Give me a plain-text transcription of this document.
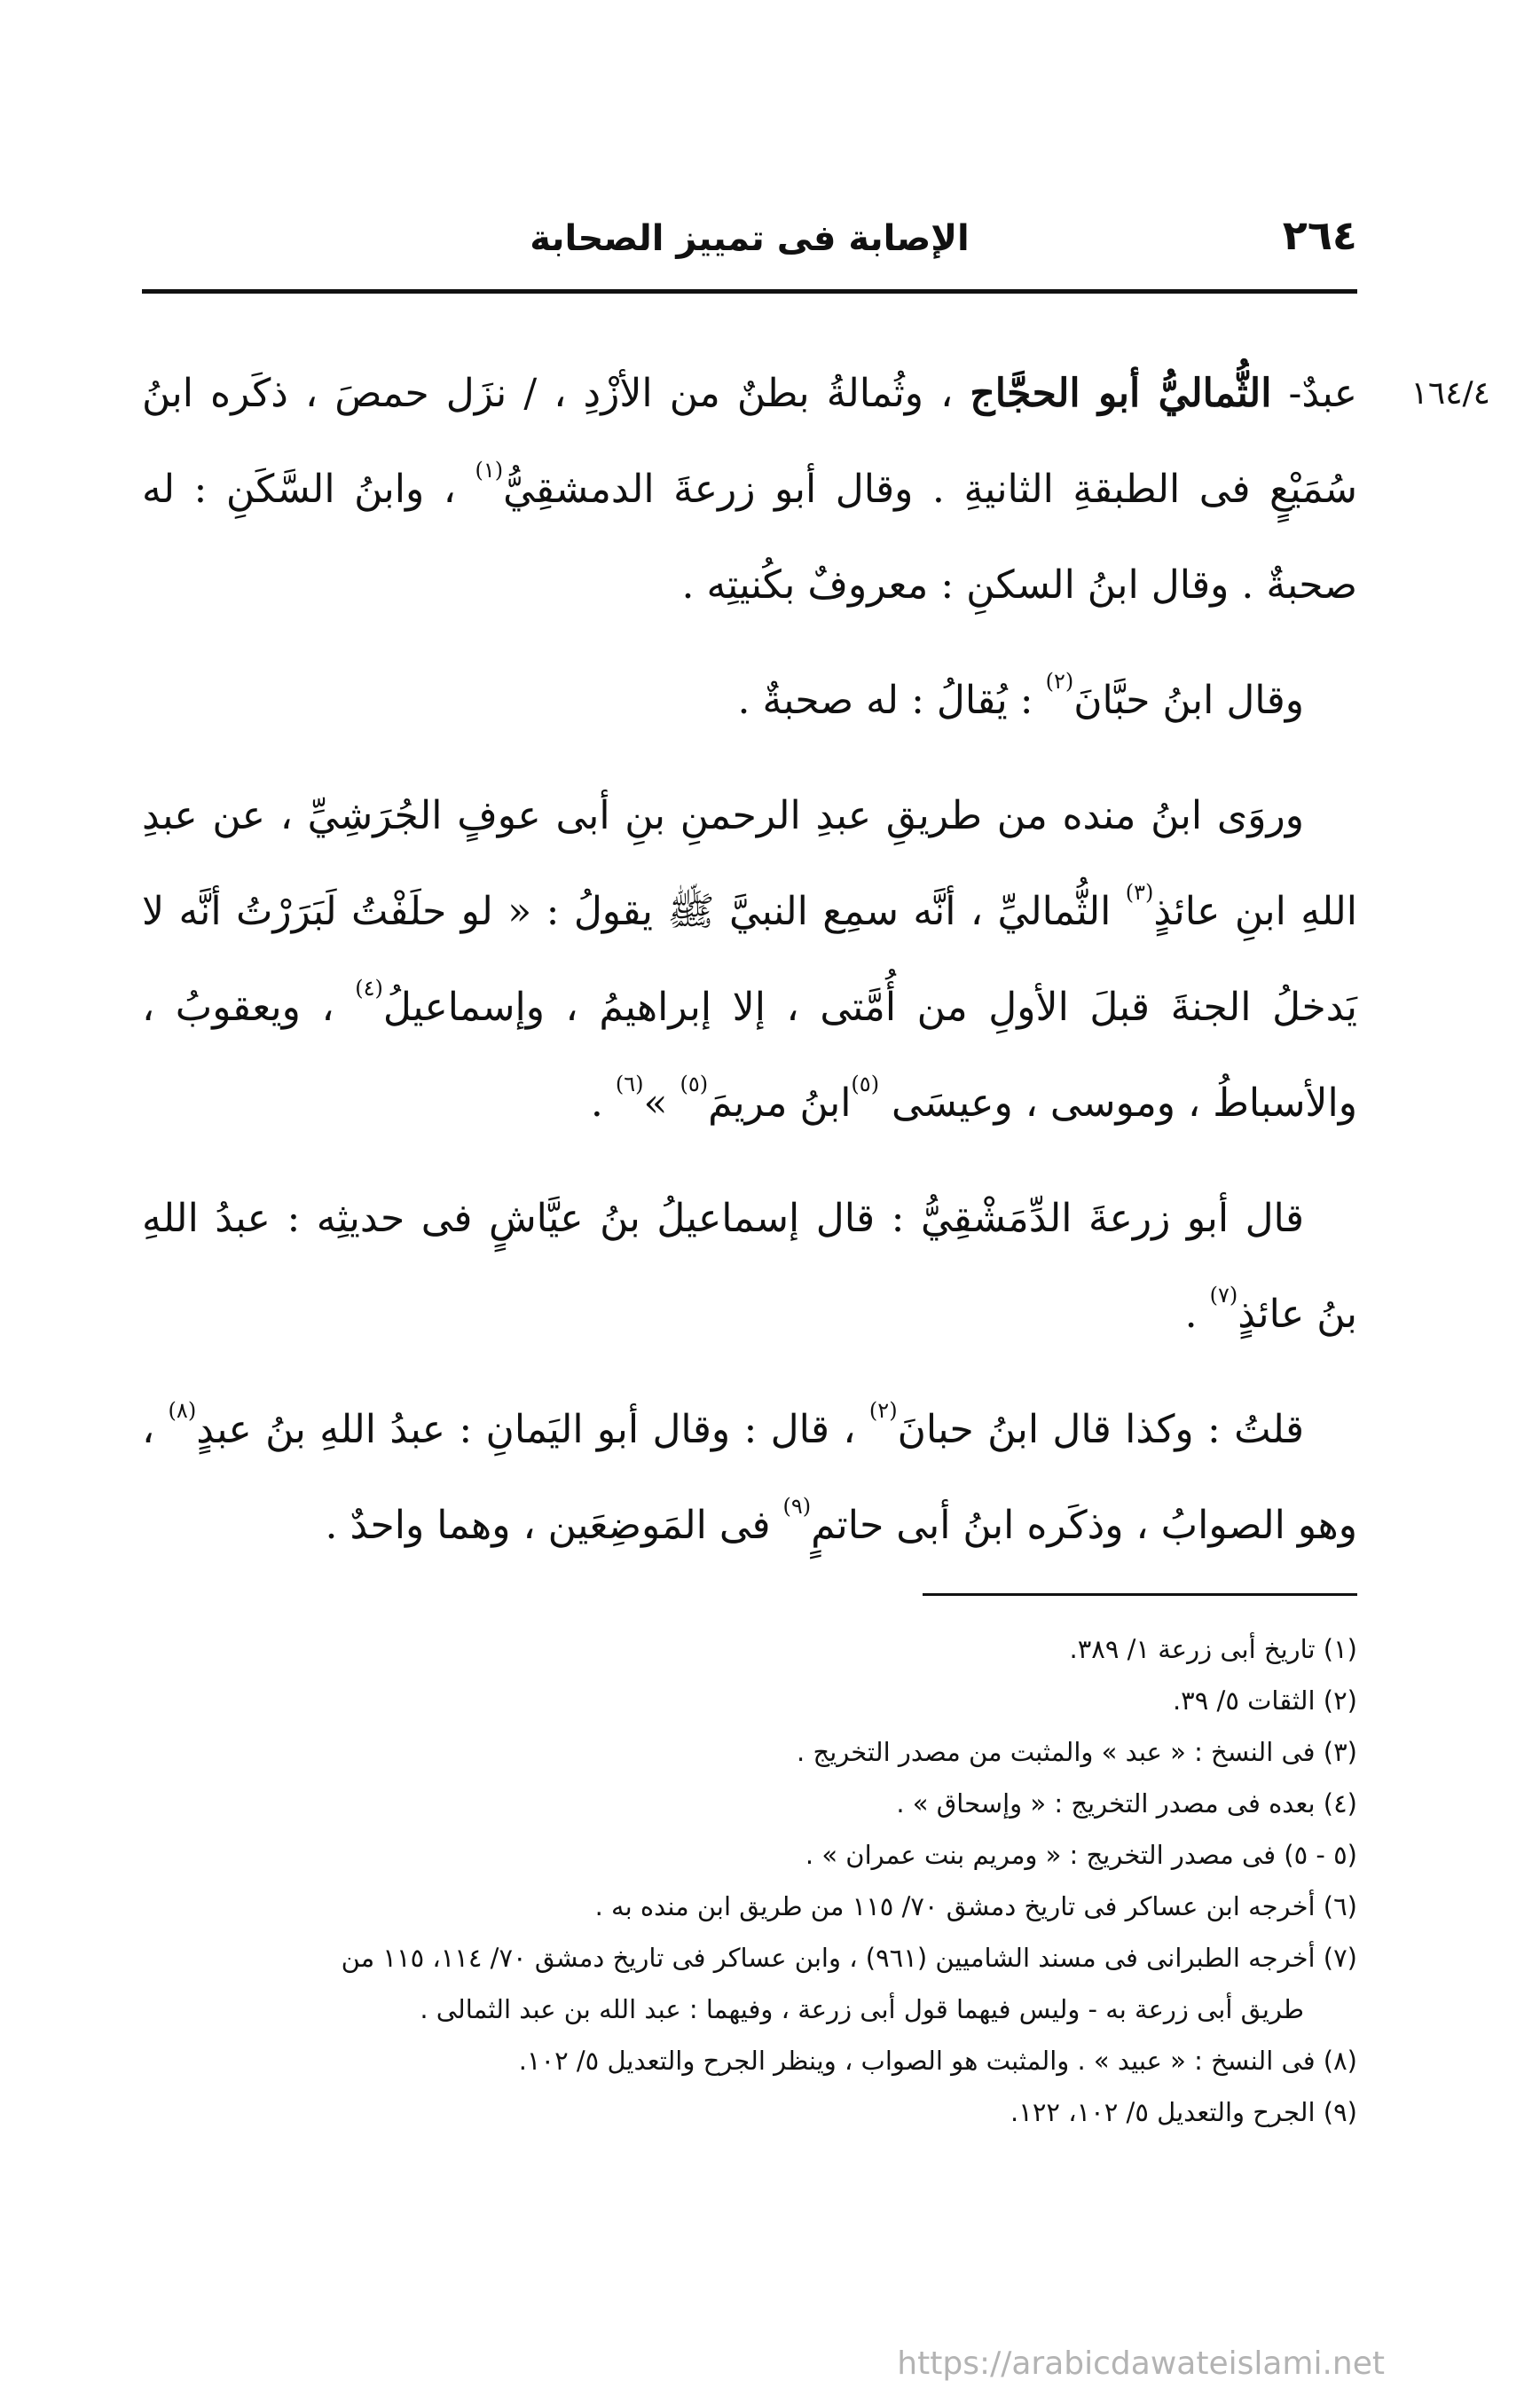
٢٦٤
الإصابة فى تمييز الصحابة
١٦٤/٤

عبدٌ- الثُّماليُّ أبو الحجَّاج ، وثُمالةُ بطنٌ من الأزْدِ ، / نزَل حمصَ ، ذكَره ابنُ سُمَيْعٍ فى الطبقةِ الثانيةِ . وقال أبو زرعةَ الدمشقِيُّ$^{(١)}$ ، وابنُ السَّكَنِ : له صحبةٌ . وقال ابنُ السكنِ : معروفٌ بكُنيتِه .

وقال ابنُ حبَّانَ$^{(٢)}$ : يُقالُ : له صحبةٌ .

وروَى ابنُ منده من طريقِ عبدِ الرحمنِ بنِ أبى عوفٍ الجُرَشِيِّ ، عن عبدِ اللهِ ابنِ عائذٍ$^{(٣)}$ الثُّماليِّ ، أنَّه سمِع النبيَّ ﷺ يقولُ : « لو حلَفْتُ لَبَرَرْتُ أنَّه لا يَدخلُ الجنةَ قبلَ الأولِ من أُمَّتى ، إلا إبراهيمُ ، وإسماعيلُ$^{(٤)}$ ، ويعقوبُ ، والأسباطُ ، وموسى ، وعيسَى $^{(٥)}$ابنُ مريمَ$^{(٥)}$ »$^{(٦)}$ .

قال أبو زرعةَ الدِّمَشْقِيُّ : قال إسماعيلُ بنُ عيَّاشٍ فى حديثِه : عبدُ اللهِ بنُ عائذٍ$^{(٧)}$ .

قلتُ : وكذا قال ابنُ حبانَ$^{(٢)}$ ، قال : وقال أبو اليَمانِ : عبدُ اللهِ بنُ عبدٍ$^{(٨)}$ ، وهو الصوابُ ، وذكَره ابنُ أبى حاتمٍ$^{(٩)}$ فى المَوضِعَين ، وهما واحدٌ .

(١) تاريخ أبى زرعة ١/ ٣٨٩.

(٢) الثقات ٥/ ٣٩.

(٣) فى النسخ : « عبد » والمثبت من مصدر التخريج .

(٤) بعده فى مصدر التخريج : « وإسحاق » .

(٥ - ٥) فى مصدر التخريج : « ومريم بنت عمران » .

(٦) أخرجه ابن عساكر فى تاريخ دمشق ٧٠/ ١١٥ من طريق ابن منده به .

(٧) أخرجه الطبرانى فى مسند الشاميين (٩٦١) ، وابن عساكر فى تاريخ دمشق ٧٠/ ١١٤، ١١٥ من
طريق أبى زرعة به - وليس فيهما قول أبى زرعة ، وفيهما : عبد الله بن عبد الثمالى .

(٨) فى النسخ : « عبيد » . والمثبت هو الصواب ، وينظر الجرح والتعديل ٥/ ١٠٢.

(٩) الجرح والتعديل ٥/ ١٠٢، ١٢٢.

https://arabicdawateislami.net
